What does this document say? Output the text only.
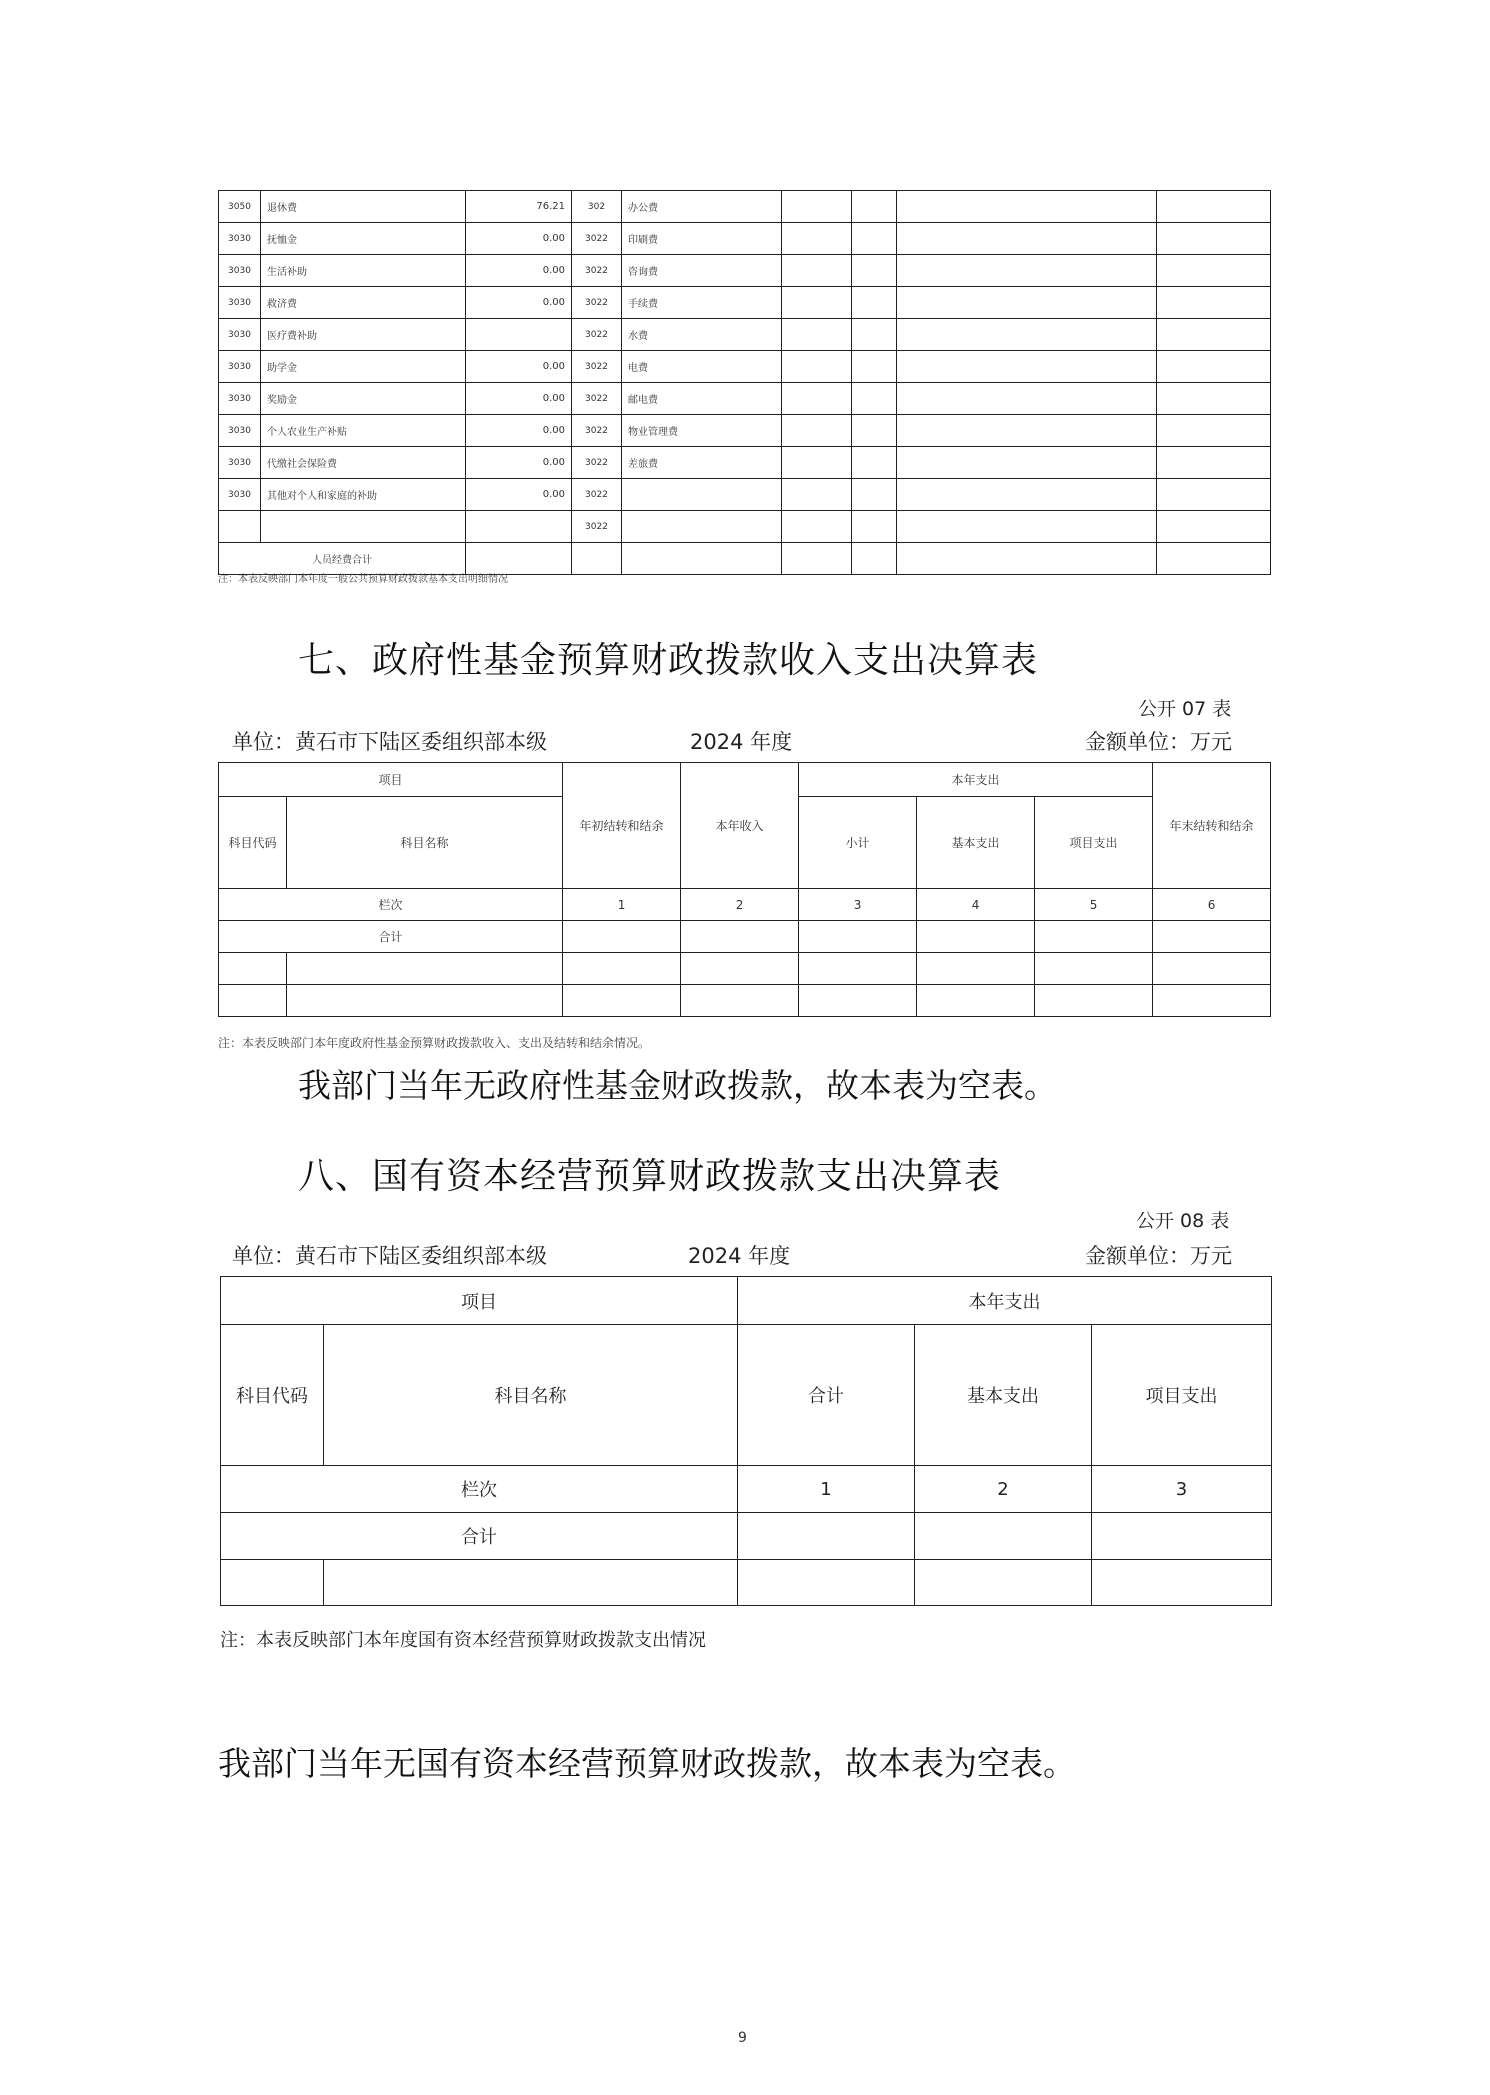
3050	退休费	76.21	302	办公费				
3030	抚恤金	0.00	3022	印刷费				
3030	生活补助	0.00	3022	咨询费				
3030	救济费	0.00	3022	手续费				
3030	医疗费补助		3022	水费				
3030	助学金	0.00	3022	电费				
3030	奖励金	0.00	3022	邮电费				
3030	个人农业生产补贴	0.00	3022	物业管理费				
3030	代缴社会保险费	0.00	3022	差旅费				
3030	其他对个人和家庭的补助	0.00	3022					
			3022					
人员经费合计								
注：本表反映部门本年度一般公共预算财政拨款基本支出明细情况
七、政府性基金预算财政拨款收入支出决算表
公开 07 表
单位：黄石市下陆区委组织部本级	2024 年度	金额单位：万元
项目		年初结转和结余	本年收入	本年支出			年末结转和结余
科目代码	科目名称			小计	基本支出	项目支出	
栏次		1	2	3	4	5	6
合计							

注：本表反映部门本年度政府性基金预算财政拨款收入、支出及结转和结余情况。
我部门当年无政府性基金财政拨款，故本表为空表。
八、国有资本经营预算财政拨款支出决算表
公开 08 表
单位：黄石市下陆区委组织部本级	2024 年度	金额单位：万元
项目		本年支出		
科目代码	科目名称	合计	基本支出	项目支出
栏次		1	2	3
合计				

注：本表反映部门本年度国有资本经营预算财政拨款支出情况
我部门当年无国有资本经营预算财政拨款，故本表为空表。
9
